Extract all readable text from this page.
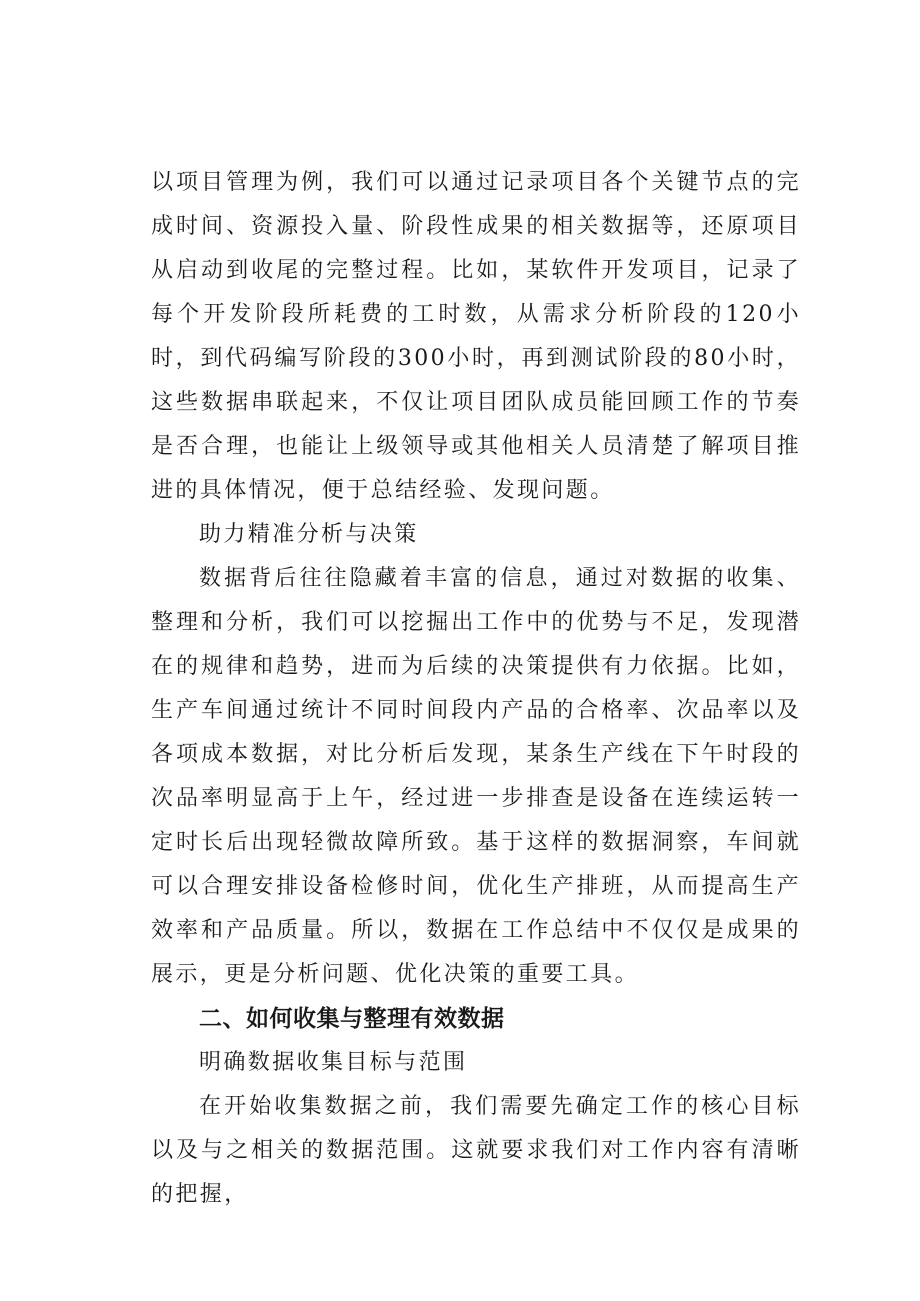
以项目管理为例，我们可以通过记录项目各个关键节点的完成时间、资源投入量、阶段性成果的相关数据等，还原项目从启动到收尾的完整过程。比如，某软件开发项目，记录了每个开发阶段所耗费的工时数，从需求分析阶段的120小时，到代码编写阶段的300小时，再到测试阶段的80小时，这些数据串联起来，不仅让项目团队成员能回顾工作的节奏是否合理，也能让上级领导或其他相关人员清楚了解项目推进的具体情况，便于总结经验、发现问题。

助力精准分析与决策

数据背后往往隐藏着丰富的信息，通过对数据的收集、整理和分析，我们可以挖掘出工作中的优势与不足，发现潜在的规律和趋势，进而为后续的决策提供有力依据。比如，生产车间通过统计不同时间段内产品的合格率、次品率以及各项成本数据，对比分析后发现，某条生产线在下午时段的次品率明显高于上午，经过进一步排查是设备在连续运转一定时长后出现轻微故障所致。基于这样的数据洞察，车间就可以合理安排设备检修时间，优化生产排班，从而提高生产效率和产品质量。所以，数据在工作总结中不仅仅是成果的展示，更是分析问题、优化决策的重要工具。

二、如何收集与整理有效数据

明确数据收集目标与范围

在开始收集数据之前，我们需要先确定工作的核心目标以及与之相关的数据范围。这就要求我们对工作内容有清晰的把握，
